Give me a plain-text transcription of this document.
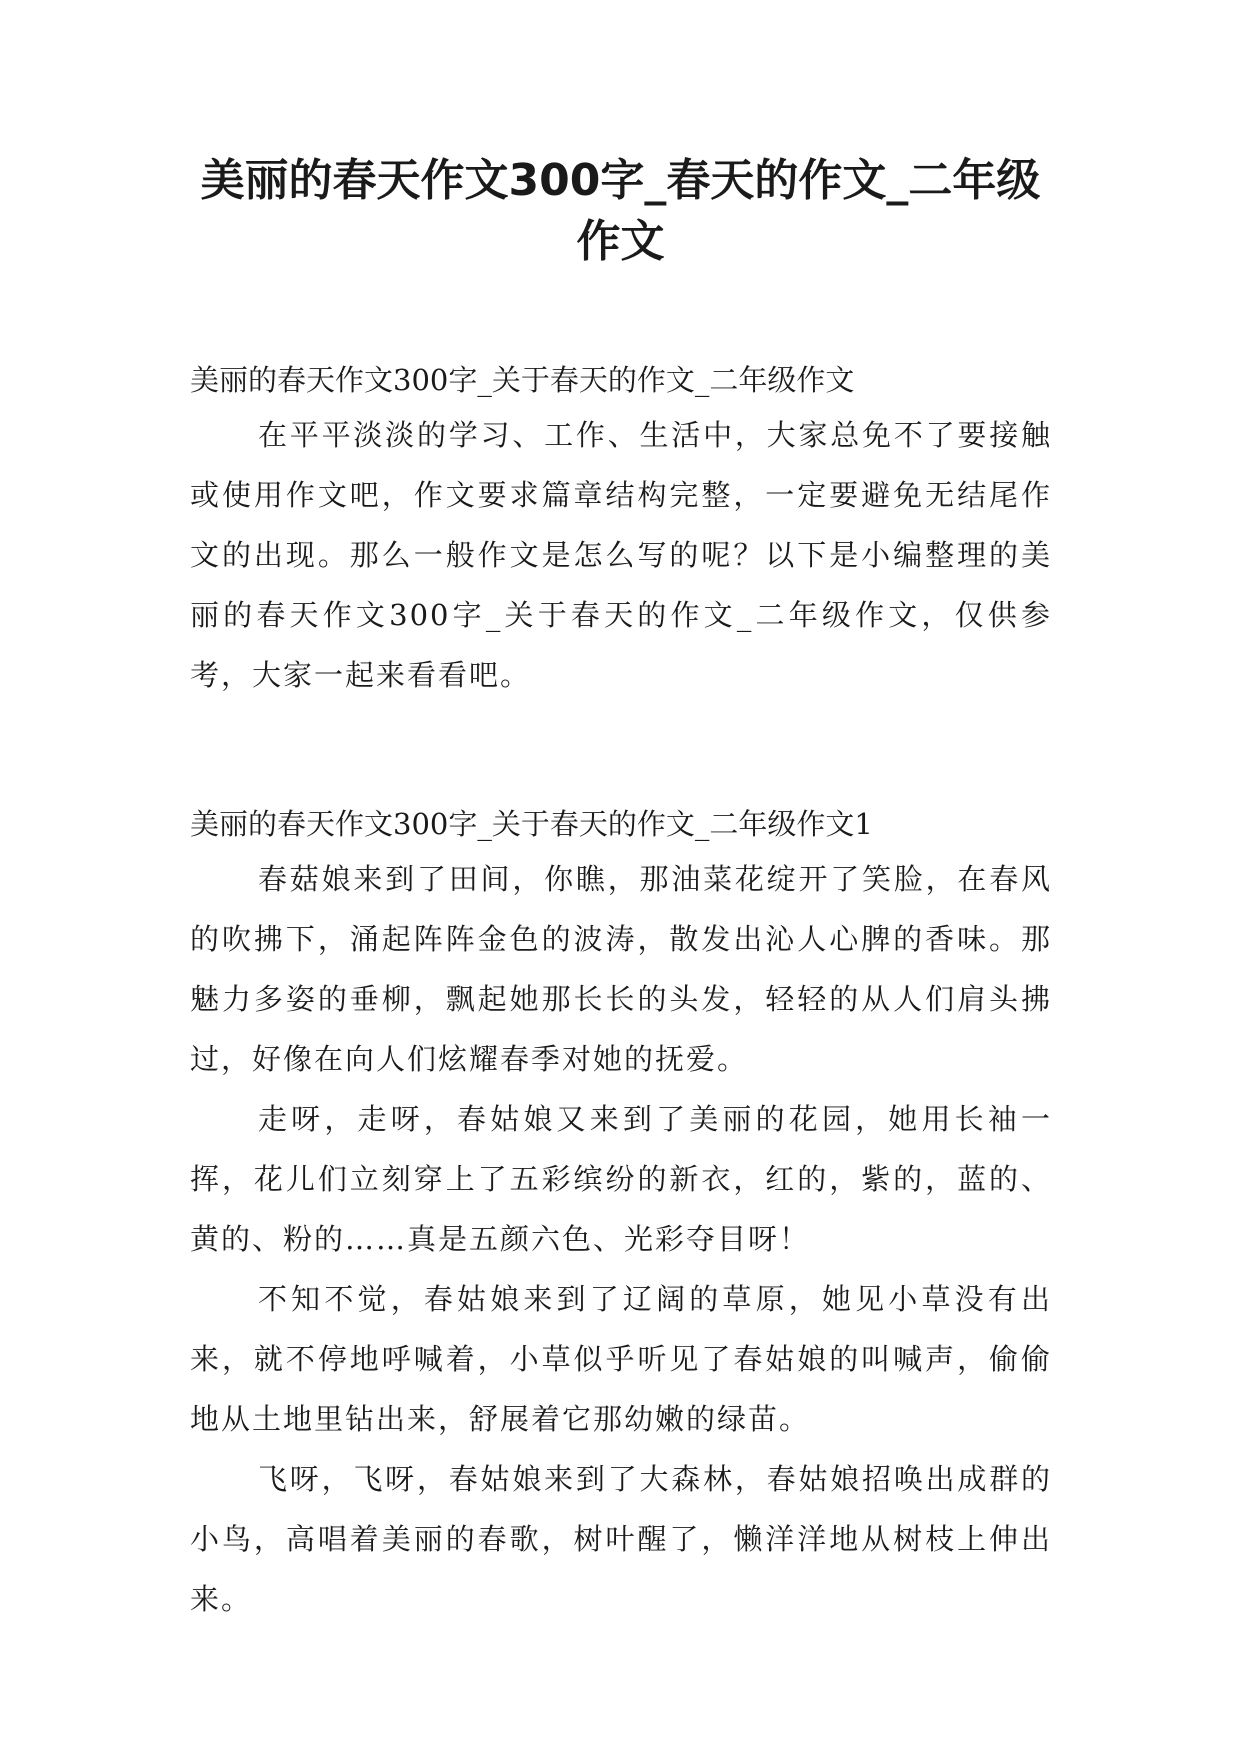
美丽的春天作文300字_春天的作文_二年级
作文

美丽的春天作文300字_关于春天的作文_二年级作文

在平平淡淡的学习、工作、生活中，大家总免不了要接触或使用作文吧，作文要求篇章结构完整，一定要避免无结尾作文的出现。那么一般作文是怎么写的呢？以下是小编整理的美丽的春天作文300字_关于春天的作文_二年级作文，仅供参考，大家一起来看看吧。

美丽的春天作文300字_关于春天的作文_二年级作文1

春菇娘来到了田间，你瞧，那油菜花绽开了笑脸，在春风的吹拂下，涌起阵阵金色的波涛，散发出沁人心脾的香味。那魅力多姿的垂柳，飘起她那长长的头发，轻轻的从人们肩头拂过，好像在向人们炫耀春季对她的抚爱。

走呀，走呀，春姑娘又来到了美丽的花园，她用长袖一挥，花儿们立刻穿上了五彩缤纷的新衣，红的，紫的，蓝的、黄的、粉的……真是五颜六色、光彩夺目呀！

不知不觉，春姑娘来到了辽阔的草原，她见小草没有出来，就不停地呼喊着，小草似乎听见了春姑娘的叫喊声，偷偷地从土地里钻出来，舒展着它那幼嫩的绿苗。

飞呀，飞呀，春姑娘来到了大森林，春姑娘招唤出成群的小鸟，高唱着美丽的春歌，树叶醒了，懒洋洋地从树枝上伸出来。
